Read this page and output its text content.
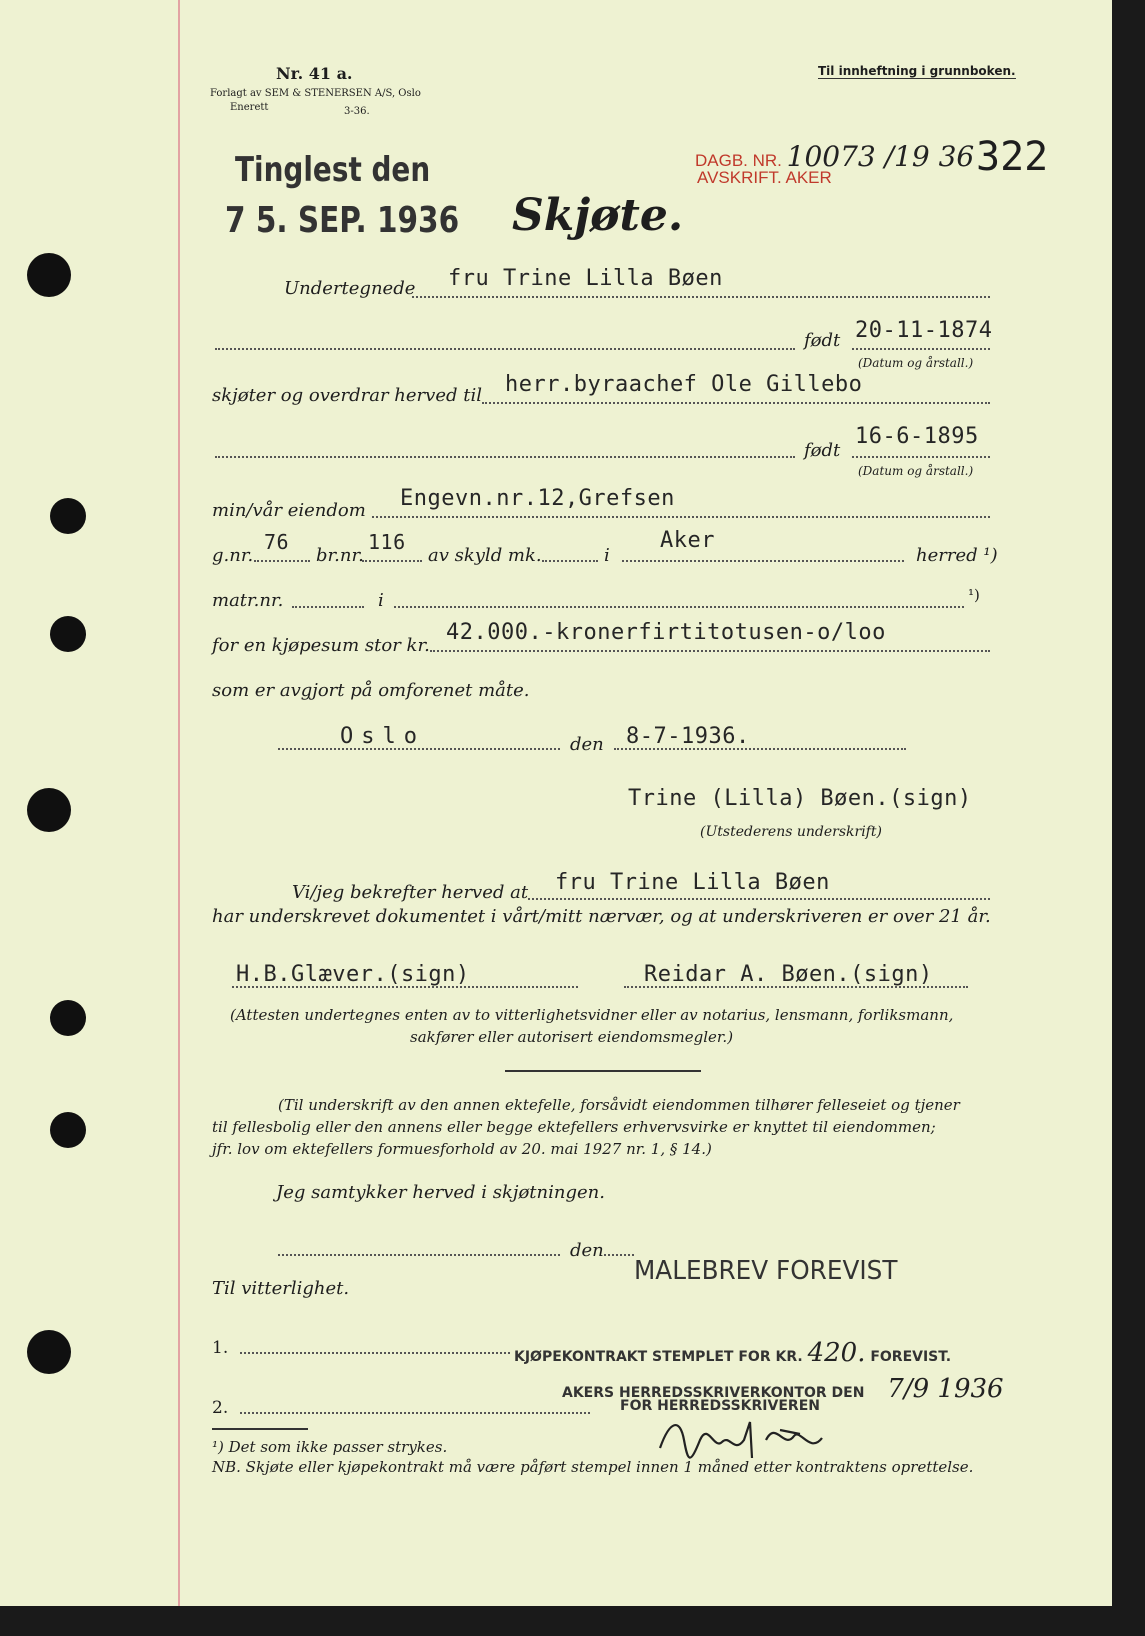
Nr. 41 a.
Forlagt av SEM & STENERSEN A/S, Oslo
Enerett	3-36.
Til innheftning i grunnboken.
Tinglest den
7 5. SEP. 1936 Skjøte.
DAGB. NR. 10073 /19 36
AVSKRIFT. AKER	322
Undertegnede fru Trine Lilla Bøen
født 20-11-1874
(Datum og årstall.)
skjøter og overdrar herved til herr.byraachef Ole Gillebo
født
16-6-1895
(Datum og årstall.)
min/vår eiendom Engevn.nr.12,Grefsen
g.nr.
76
br.nr.
116
av skyld mk.	i
Aker
herred ¹)
matr.nr.	i	¹)
for en kjøpesum stor kr.
42.000.-kronerfirtitotusen-o/loo
som er avgjort på omforenet måte.
Oslo	den 8-7-1936.
Trine (Lilla) Bøen.(sign)
(Utstederens underskrift)
Vi/jeg bekrefter herved at fru Trine Lilla Bøen
har underskrevet dokumentet i vårt/mitt nærvær, og at underskriveren er over 21 år.
H.B.Glæver.(sign)	Reidar A. Bøen.(sign)
(Attesten undertegnes enten av to vitterlighetsvidner eller av notarius, lensmann, forliksmann,
sakfører eller autorisert eiendomsmegler.)
(Til underskrift av den annen ektefelle, forsåvidt eiendommen tilhører felleseiet og tjener
til fellesbolig eller den annens eller begge ektefellers erhvervsvirke er knyttet til eiendommen;
jfr. lov om ektefellers formuesforhold av 20. mai 1927 nr. 1, § 14.)
Jeg samtykker herved i skjøtningen.
den
MALEBREV FOREVIST
Til vitterlighet.
1.	KJØPEKONTRAKT STEMPLET FOR KR. 420. FOREVIST.
AKERS HERREDSSKRIVERKONTOR DEN 7/9 1936
2.	FOR HERREDSSKRIVEREN
¹) Det som ikke passer strykes.
NB. Skjøte eller kjøpekontrakt må være påført stempel innen 1 måned etter kontraktens oprettelse.
